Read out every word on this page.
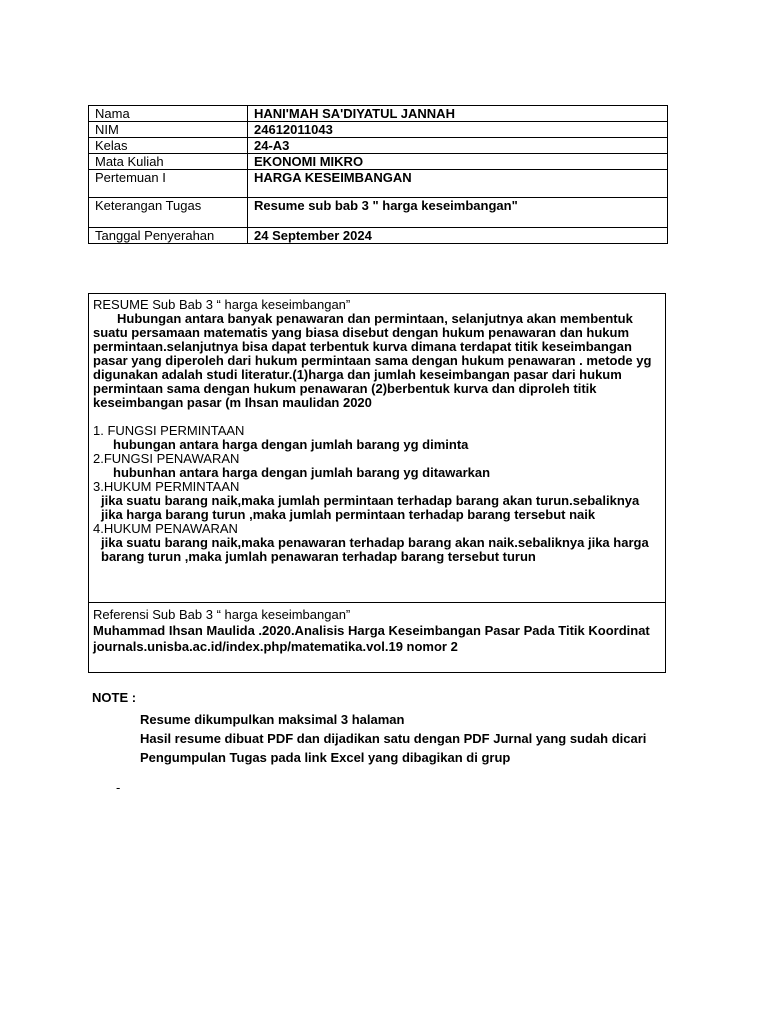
Nama	HANI'MAH SA'DIYATUL JANNAH
NIM	24612011043
Kelas	24-A3
Mata Kuliah	EKONOMI MIKRO
Pertemuan I	HARGA KESEIMBANGAN
Keterangan Tugas	Resume sub bab 3 " harga keseimbangan"
Tanggal Penyerahan	24 September 2024
RESUME Sub Bab 3 “ harga keseimbangan”
Hubungan antara banyak penawaran dan permintaan, selanjutnya akan membentuk suatu persamaan matematis yang biasa disebut dengan hukum penawaran dan hukum permintaan.selanjutnya bisa dapat terbentuk kurva dimana terdapat titik keseimbangan pasar yang diperoleh dari hukum permintaan sama dengan hukum penawaran . metode yg digunakan adalah studi literatur.(1)harga dan jumlah keseimbangan pasar dari hukum permintaan sama dengan hukum penawaran (2)berbentuk kurva dan diproleh titik keseimbangan pasar (m Ihsan maulidan 2020
1. FUNGSI PERMINTAAN
hubungan antara harga dengan jumlah barang yg diminta
2.FUNGSI PENAWARAN
hubunhan antara harga dengan jumlah barang yg ditawarkan
3.HUKUM PERMINTAAN
jika suatu barang naik,maka jumlah permintaan terhadap barang akan turun.sebaliknya jika harga barang turun ,maka jumlah permintaan terhadap barang tersebut naik
4.HUKUM PENAWARAN
jika suatu barang naik,maka penawaran terhadap barang akan naik.sebaliknya jika harga barang turun ,maka jumlah penawaran terhadap barang tersebut turun
Referensi Sub Bab 3 “ harga keseimbangan”
Muhammad Ihsan Maulida .2020.Analisis Harga Keseimbangan Pasar Pada Titik Koordinat
journals.unisba.ac.id/index.php/matematika.vol.19 nomor 2
NOTE :
Resume dikumpulkan maksimal 3 halaman
Hasil resume dibuat PDF dan dijadikan satu dengan PDF Jurnal yang sudah dicari
Pengumpulan Tugas pada link Excel yang dibagikan di grup
-
